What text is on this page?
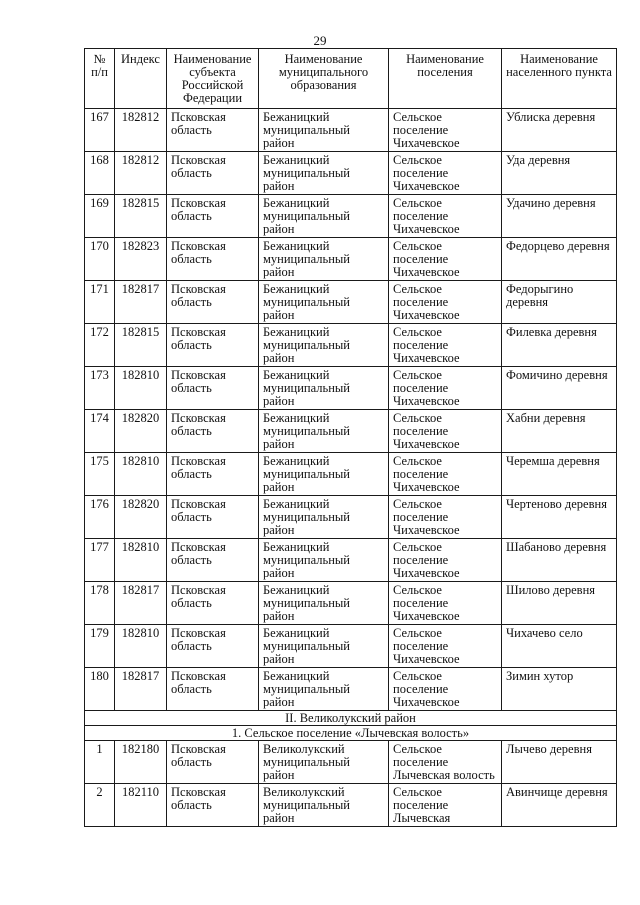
29
№ п/п	Индекс	Наименование субъекта Российской Федерации	Наименование муниципального образования	Наименование поселения	Наименование населенного пункта
167	182812	Псковская область	Бежаницкий муниципальный район	Сельское поселение Чихачевское	Ублиска деревня
168	182812	Псковская область	Бежаницкий муниципальный район	Сельское поселение Чихачевское	Уда деревня
169	182815	Псковская область	Бежаницкий муниципальный район	Сельское поселение Чихачевское	Удачино деревня
170	182823	Псковская область	Бежаницкий муниципальный район	Сельское поселение Чихачевское	Федорцево деревня
171	182817	Псковская область	Бежаницкий муниципальный район	Сельское поселение Чихачевское	Федорыгино деревня
172	182815	Псковская область	Бежаницкий муниципальный район	Сельское поселение Чихачевское	Филевка деревня
173	182810	Псковская область	Бежаницкий муниципальный район	Сельское поселение Чихачевское	Фомичино деревня
174	182820	Псковская область	Бежаницкий муниципальный район	Сельское поселение Чихачевское	Хабни деревня
175	182810	Псковская область	Бежаницкий муниципальный район	Сельское поселение Чихачевское	Черемша деревня
176	182820	Псковская область	Бежаницкий муниципальный район	Сельское поселение Чихачевское	Чертеново деревня
177	182810	Псковская область	Бежаницкий муниципальный район	Сельское поселение Чихачевское	Шабаново деревня
178	182817	Псковская область	Бежаницкий муниципальный район	Сельское поселение Чихачевское	Шилово деревня
179	182810	Псковская область	Бежаницкий муниципальный район	Сельское поселение Чихачевское	Чихачево село
180	182817	Псковская область	Бежаницкий муниципальный район	Сельское поселение Чихачевское	Зимин хутор
II. Великолукский район					
1. Сельское поселение «Лычевская волость»					
1	182180	Псковская область	Великолукский муниципальный район	Сельское поселение Лычевская волость	Лычево деревня
2	182110	Псковская область	Великолукский муниципальный район	Сельское поселение Лычевская	Авинчище деревня
